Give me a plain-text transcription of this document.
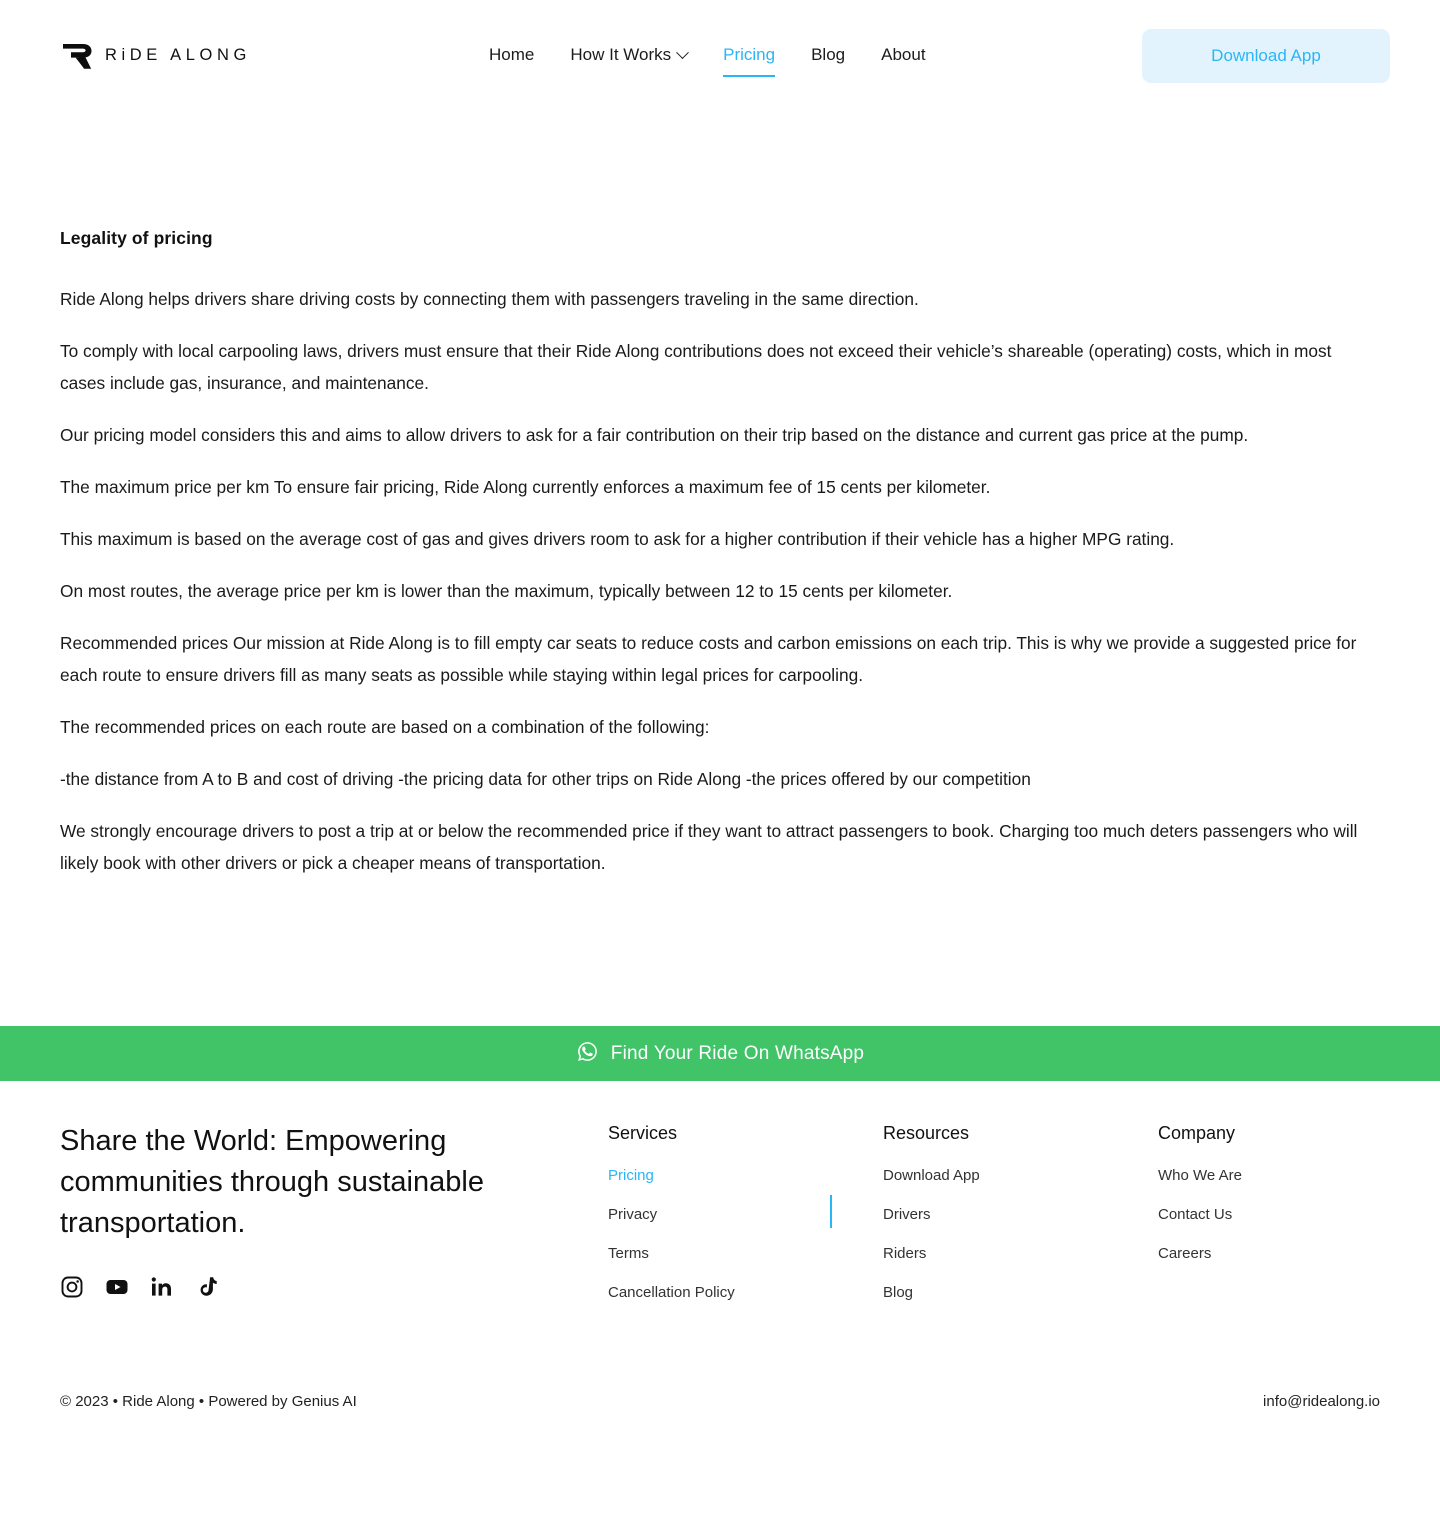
RiDE ALONG	Home How It Works	Pricing Blog About	Download App
Legality of pricing

Ride Along helps drivers share driving costs by connecting them with passengers traveling in the same direction.

To comply with local carpooling laws, drivers must ensure that their Ride Along contributions does not exceed their vehicle’s shareable (operating) costs, which in most cases include gas, insurance, and maintenance.

Our pricing model considers this and aims to allow drivers to ask for a fair contribution on their trip based on the distance and current gas price at the pump.

The maximum price per km To ensure fair pricing, Ride Along currently enforces a maximum fee of 15 cents per kilometer.

This maximum is based on the average cost of gas and gives drivers room to ask for a higher contribution if their vehicle has a higher MPG rating.

On most routes, the average price per km is lower than the maximum, typically between 12 to 15 cents per kilometer.

Recommended prices Our mission at Ride Along is to fill empty car seats to reduce costs and carbon emissions on each trip. This is why we provide a suggested price for each route to ensure drivers fill as many seats as possible while staying within legal prices for carpooling.

The recommended prices on each route are based on a combination of the following:

-the distance from A to B and cost of driving -the pricing data for other trips on Ride Along -the prices offered by our competition

We strongly encourage drivers to post a trip at or below the recommended price if they want to attract passengers to book. Charging too much deters passengers who will likely book with other drivers or pick a cheaper means of transportation.

Find Your Ride On WhatsApp

Share the World: Empowering communities through sustainable transportation.

Services
Pricing
Privacy
Terms
Cancellation Policy
Resources
Download App
Drivers
Riders
Blog
Company
Who We Are
Contact Us
Careers
© 2023 • Ride Along • Powered by Genius AI	info@ridealong.io
